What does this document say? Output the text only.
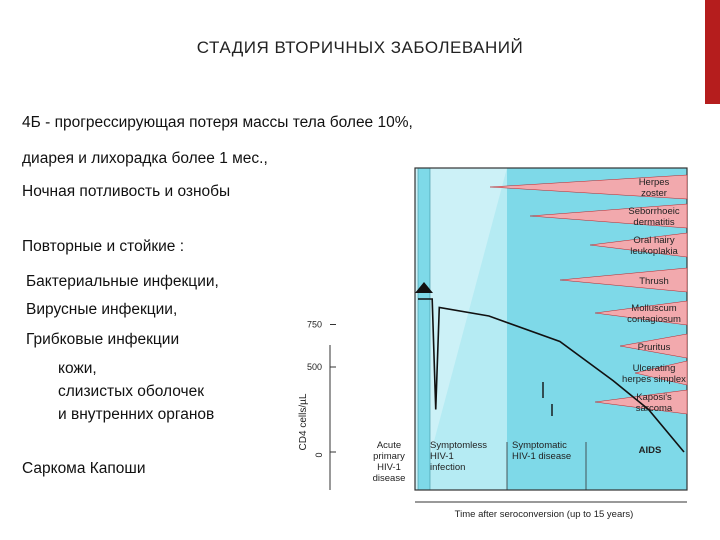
СТАДИЯ ВТОРИЧНЫХ ЗАБОЛЕВАНИЙ
4Б - прогрессирующая потеря массы тела более 10%,
диарея и лихорадка более 1 мес.,
Ночная потливость и ознобы
Повторные и стойкие :
Бактериальные инфекции,
Вирусные инфекции,
Грибковые инфекции
кожи,
слизистых оболочек
и внутренних органов
Саркома Капоши
Herpes
zoster
Seborrhoeic
dermatitis
Oral hairy
leukoplakia
Thrush
Molluscum
contagiosum
Pruritus
Ulcerating
herpes simplex
Kaposi's
sarcoma
750
500
0
CD4 cells/µL	Acute
primary
HIV-1
disease
Symptomless
HIV-1
infection
Symptomatic
HIV-1 disease
AIDS
Time after seroconversion (up to 15 years)
